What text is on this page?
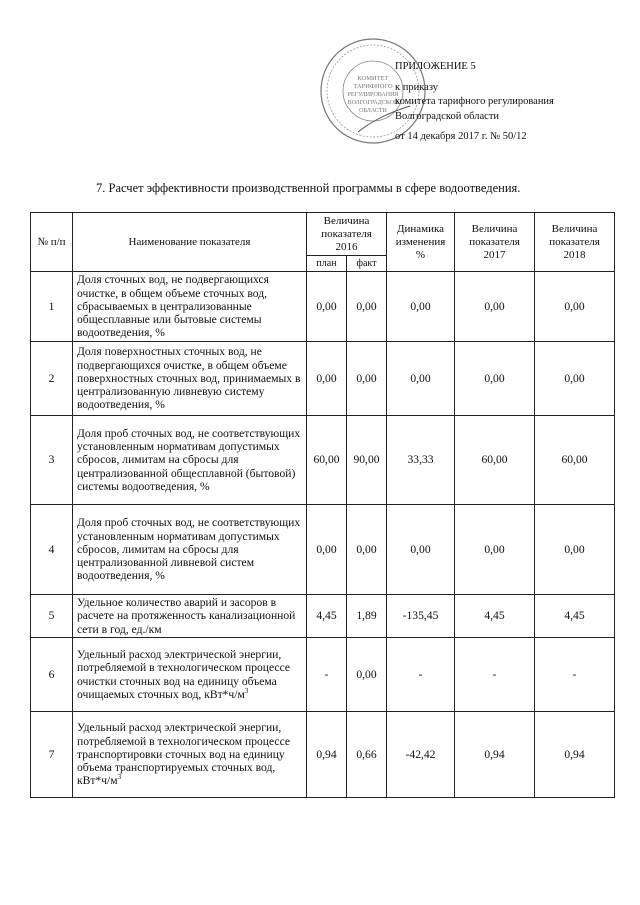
КОМИТЕТ
ТАРИФНОГО
РЕГУЛИРОВАНИЯ
ВОЛГОГРАДСКОЙ
ОБЛАСТИ
ПРИЛОЖЕНИЕ 5
к приказу
комитета тарифного регулирования
Волгоградской области
от 14 декабря 2017 г. № 50/12
7. Расчет эффективности производственной программы в сфере водоотведения.
№ п/п	Наименование показателя	Величина показателя 2016		Динамика изменения %	Величина показателя 2017	Величина показателя 2018
		план	факт			
1	Доля сточных вод, не подвергающихся очистке, в общем объеме сточных вод, сбрасываемых в централизованные общесплавные или бытовые системы водоотведения, %	0,00	0,00	0,00	0,00	0,00
2	Доля поверхностных сточных вод, не подвергающихся очистке, в общем объеме поверхностных сточных вод, принимаемых в централизованную ливневую систему водоотведения, %	0,00	0,00	0,00	0,00	0,00
3	Доля проб сточных вод, не соответствующих установленным нормативам допустимых сбросов, лимитам на сбросы для централизованной общесплавной (бытовой) системы водоотведения, %	60,00	90,00	33,33	60,00	60,00
4	Доля проб сточных вод, не соответствующих установленным нормативам допустимых сбросов, лимитам на сбросы для централизованной ливневой систем водоотведения, %	0,00	0,00	0,00	0,00	0,00
5	Удельное количество аварий и засоров в расчете на протяженность канализационной сети в год, ед./км	4,45	1,89	-135,45	4,45	4,45
6	Удельный расход электрической энергии, потребляемой в технологическом процессе очистки сточных вод на единицу объема очищаемых сточных вод, $кВт*ч/м^3$	-	0,00	-	-	-
7	Удельный расход электрической энергии, потребляемой в технологическом процессе транспортировки сточных вод на единицу объема транспортируемых сточных вод, $кВт*ч/м^3$	0,94	0,66	-42,42	0,94	0,94
